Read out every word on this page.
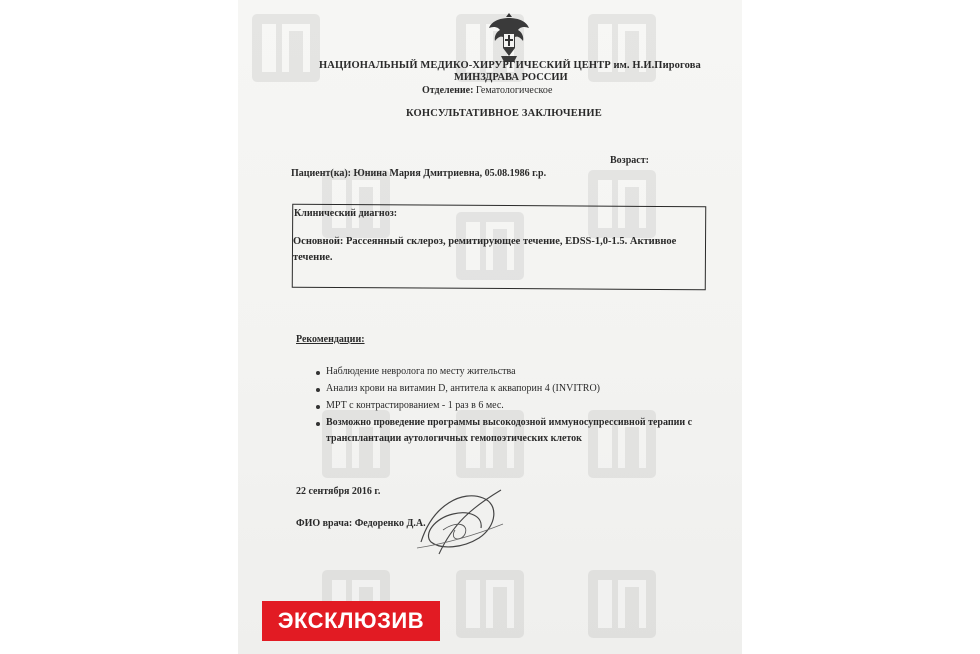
НАЦИОНАЛЬНЫЙ МЕДИКО-ХИРУРГИЧЕСКИЙ ЦЕНТР им. Н.И.Пирогова
МИНЗДРАВА РОССИИ
Отделение: Гематологическое
КОНСУЛЬТАТИВНОЕ ЗАКЛЮЧЕНИЕ
Возраст:
Пациент(ка): Юнина Мария Дмитриевна, 05.08.1986 г.р.
Клинический диагноз:
Основной: Рассеянный склероз, ремитирующее течение, EDSS-1,0-1.5. Активное
течение.
Рекомендации:
Наблюдение невролога по месту жительства
Анализ крови на витамин D, антитела к аквапорин 4 (INVITRO)
МРТ с контрастированием - 1 раз в 6 мес.
Возможно проведение программы высокодозной иммуносупрессивной терапии с
трансплантации аутологичных гемопоэтических клеток
22 сентября 2016 г.
ФИО врача: Федоренко Д.А.
ЭКСКЛЮЗИВ
